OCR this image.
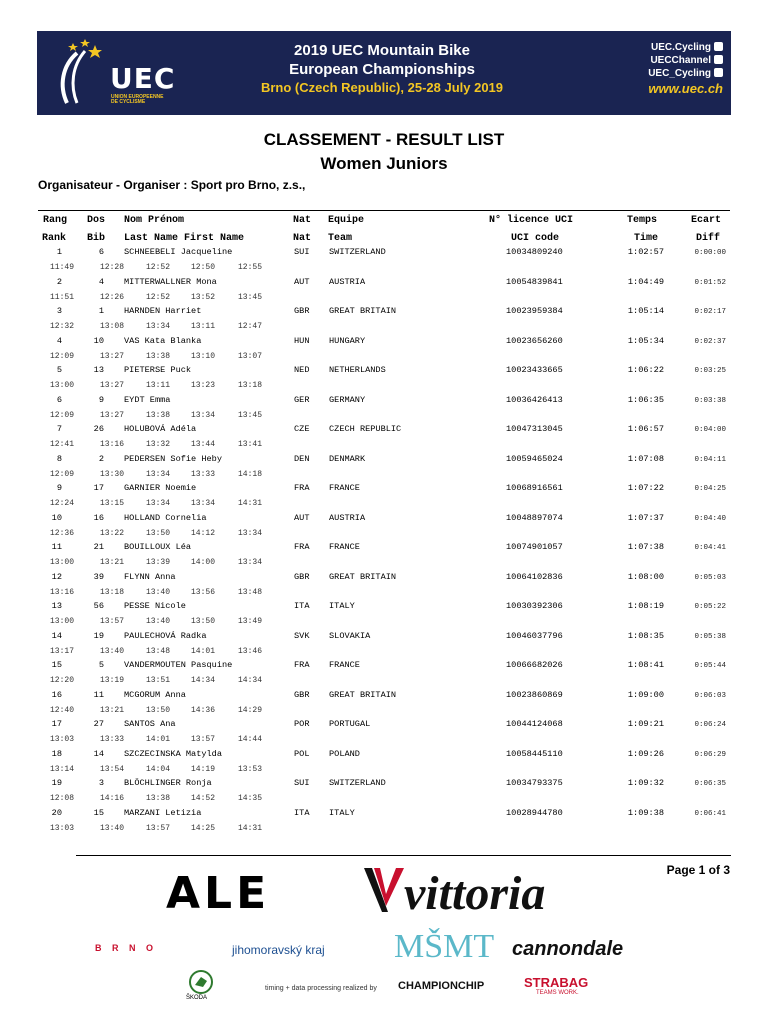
UEC
UNION EUROPEENNE DE CYCLISME
2019 UEC Mountain Bike
European Championships
Brno (Czech Republic), 25-28 July 2019
UEC.Cycling
UECChannel
UEC_Cycling
www.uec.ch
CLASSEMENT - RESULT LIST
Women Juniors
Organisateur - Organiser : Sport pro Brno, z.s.,
Rang Dos Nom Prénom	Nat Equipe	N° licence UCI	Temps	Ecart
Rank Bib Last Name First Name	Nat Team	UCI code	Time	Diff
1	6 SCHNEEBELI Jacqueline	SUI SWITZERLAND	10034809240	1:02:57	0:00:00
11:49	12:28	12:52	12:50	12:55
2	4 MITTERWALLNER Mona	AUT AUSTRIA	10054839841	1:04:49	0:01:52
11:51	12:26	12:52	13:52	13:45
3	1 HARNDEN Harriet	GBR GREAT BRITAIN	10023959384	1:05:14	0:02:17
12:32	13:08	13:34	13:11	12:47
4	10 VAS Kata Blanka	HUN HUNGARY	10023656260	1:05:34	0:02:37
12:09	13:27	13:38	13:10	13:07
5	13 PIETERSE Puck	NED NETHERLANDS	10023433665	1:06:22	0:03:25
13:00	13:27	13:11	13:23	13:18
6	9 EYDT Emma	GER GERMANY	10036426413	1:06:35	0:03:38
12:09	13:27	13:38	13:34	13:45
7	26 HOLUBOVÁ Adéla	CZE CZECH REPUBLIC	10047313045	1:06:57	0:04:00
12:41	13:16	13:32	13:44	13:41
8	2 PEDERSEN Sofie Heby	DEN DENMARK	10059465024	1:07:08	0:04:11
12:09	13:30	13:34	13:33	14:18
9	17 GARNIER Noemie	FRA FRANCE	10068916561	1:07:22	0:04:25
12:24	13:15	13:34	13:34	14:31
10	16 HOLLAND Cornelia	AUT AUSTRIA	10048897074	1:07:37	0:04:40
12:36	13:22	13:50	14:12	13:34
11	21 BOUILLOUX Léa	FRA FRANCE	10074901057	1:07:38	0:04:41
13:00	13:21	13:39	14:00	13:34
12	39 FLYNN Anna	GBR GREAT BRITAIN	10064102836	1:08:00	0:05:03
13:16	13:18	13:40	13:56	13:48
13	56 PESSE Nicole	ITA ITALY	10030392306	1:08:19	0:05:22
13:00	13:57	13:40	13:50	13:49
14	19 PAULECHOVÁ Radka	SVK SLOVAKIA	10046037796	1:08:35	0:05:38
13:17	13:40	13:48	14:01	13:46
15	5 VANDERMOUTEN Pasquine	FRA FRANCE	10066682026	1:08:41	0:05:44
12:20	13:19	13:51	14:34	14:34
16	11 MCGORUM Anna	GBR GREAT BRITAIN	10023860869	1:09:00	0:06:03
12:40	13:21	13:50	14:36	14:29
17	27 SANTOS Ana	POR PORTUGAL	10044124068	1:09:21	0:06:24
13:03	13:33	14:01	13:57	14:44
18	14 SZCZECINSKA Matylda	POL POLAND	10058445110	1:09:26	0:06:29
13:14	13:54	14:04	14:19	13:53
19	3 BLÖCHLINGER Ronja	SUI SWITZERLAND	10034793375	1:09:32	0:06:35
12:08	14:16	13:38	14:52	14:35
20	15 MARZANI Letizia	ITA ITALY	10028944780	1:09:38	0:06:41
13:03	13:40	13:57	14:25	14:31
Page 1 of 3
ALE	vittoria
B R N O	jihomoravský kraj MŠMT cannondale
ŠKODA
timing + data processing realized by CHAMPIONCHIP	STRABAG
TEAMS WORK.
